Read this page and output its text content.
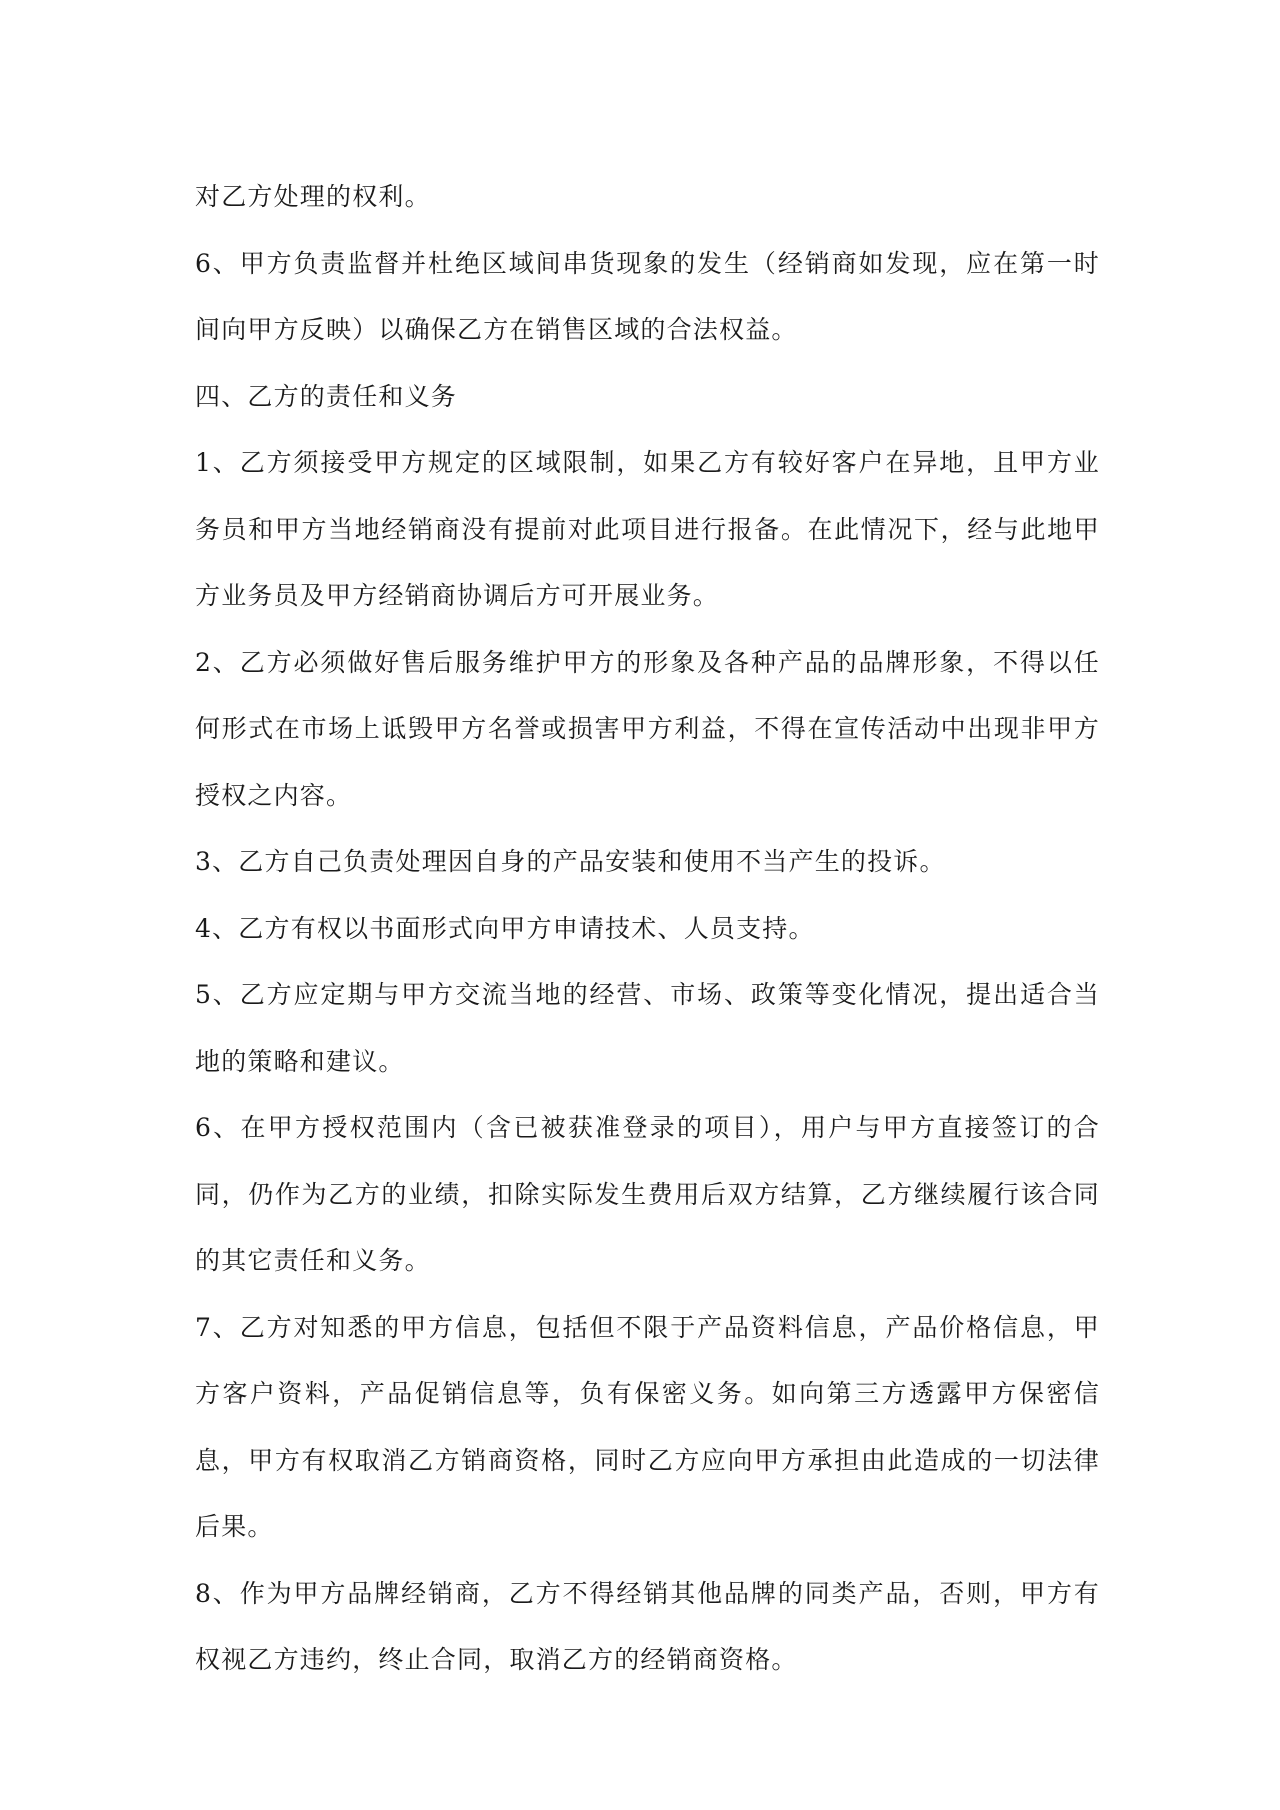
对乙方处理的权利。

6、甲方负责监督并杜绝区域间串货现象的发生（经销商如发现，应在第一时间向甲方反映）以确保乙方在销售区域的合法权益。

四、乙方的责任和义务

1、乙方须接受甲方规定的区域限制，如果乙方有较好客户在异地，且甲方业务员和甲方当地经销商没有提前对此项目进行报备。在此情况下，经与此地甲方业务员及甲方经销商协调后方可开展业务。

2、乙方必须做好售后服务维护甲方的形象及各种产品的品牌形象，不得以任何形式在市场上诋毁甲方名誉或损害甲方利益，不得在宣传活动中出现非甲方授权之内容。

3、乙方自己负责处理因自身的产品安装和使用不当产生的投诉。

4、乙方有权以书面形式向甲方申请技术、人员支持。

5、乙方应定期与甲方交流当地的经营、市场、政策等变化情况，提出适合当地的策略和建议。

6、在甲方授权范围内（含已被获准登录的项目），用户与甲方直接签订的合同，仍作为乙方的业绩，扣除实际发生费用后双方结算，乙方继续履行该合同的其它责任和义务。

7、乙方对知悉的甲方信息，包括但不限于产品资料信息，产品价格信息，甲方客户资料，产品促销信息等，负有保密义务。如向第三方透露甲方保密信息，甲方有权取消乙方销商资格，同时乙方应向甲方承担由此造成的一切法律后果。

8、作为甲方品牌经销商，乙方不得经销其他品牌的同类产品，否则，甲方有权视乙方违约，终止合同，取消乙方的经销商资格。
